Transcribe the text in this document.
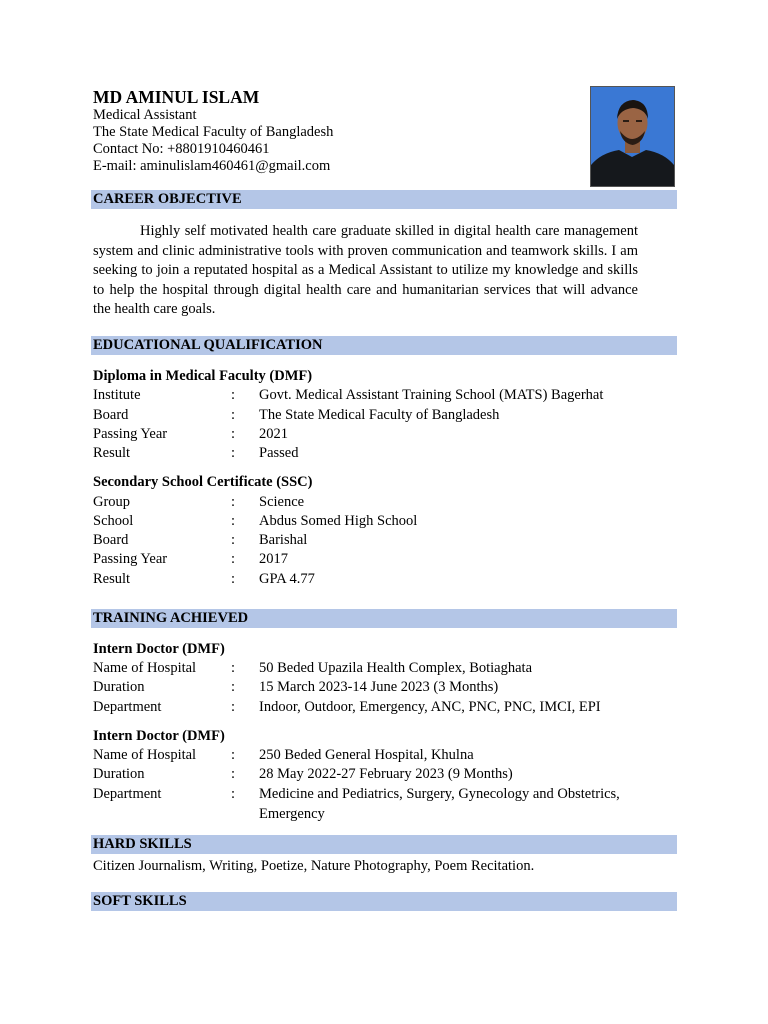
MD AMINUL ISLAM
Medical Assistant
The State Medical Faculty of Bangladesh
Contact No: +8801910460461
E-mail: aminulislam460461@gmail.com
CAREER OBJECTIVE
Highly self motivated health care graduate skilled in digital health care management system and clinic administrative tools with proven communication and teamwork skills. I am seeking to join a reputated hospital as a Medical Assistant to utilize my knowledge and skills to help the hospital through digital health care and humanitarian services that will advance the health care goals.
EDUCATIONAL QUALIFICATION
Diploma in Medical Faculty (DMF)
Institute	: Govt. Medical Assistant Training School (MATS) Bagerhat
Board	: The State Medical Faculty of Bangladesh
Passing Year	: 2021
Result	: Passed
Secondary School Certificate (SSC)
Group	: Science
School	: Abdus Somed High School
Board	: Barishal
Passing Year	: 2017
Result	: GPA 4.77
TRAINING ACHIEVED
Intern Doctor (DMF)
Name of Hospital : 50 Beded Upazila Health Complex, Botiaghata
Duration	: 15 March 2023-14 June 2023 (3 Months)
Department	: Indoor, Outdoor, Emergency, ANC, PNC, PNC, IMCI, EPI
Intern Doctor (DMF)
Name of Hospital : 250 Beded General Hospital, Khulna
Duration	: 28 May 2022-27 February 2023 (9 Months)
Department	: Medicine and Pediatrics, Surgery, Gynecology and Obstetrics, Emergency
HARD SKILLS
Citizen Journalism, Writing, Poetize, Nature Photography, Poem Recitation.
SOFT SKILLS
